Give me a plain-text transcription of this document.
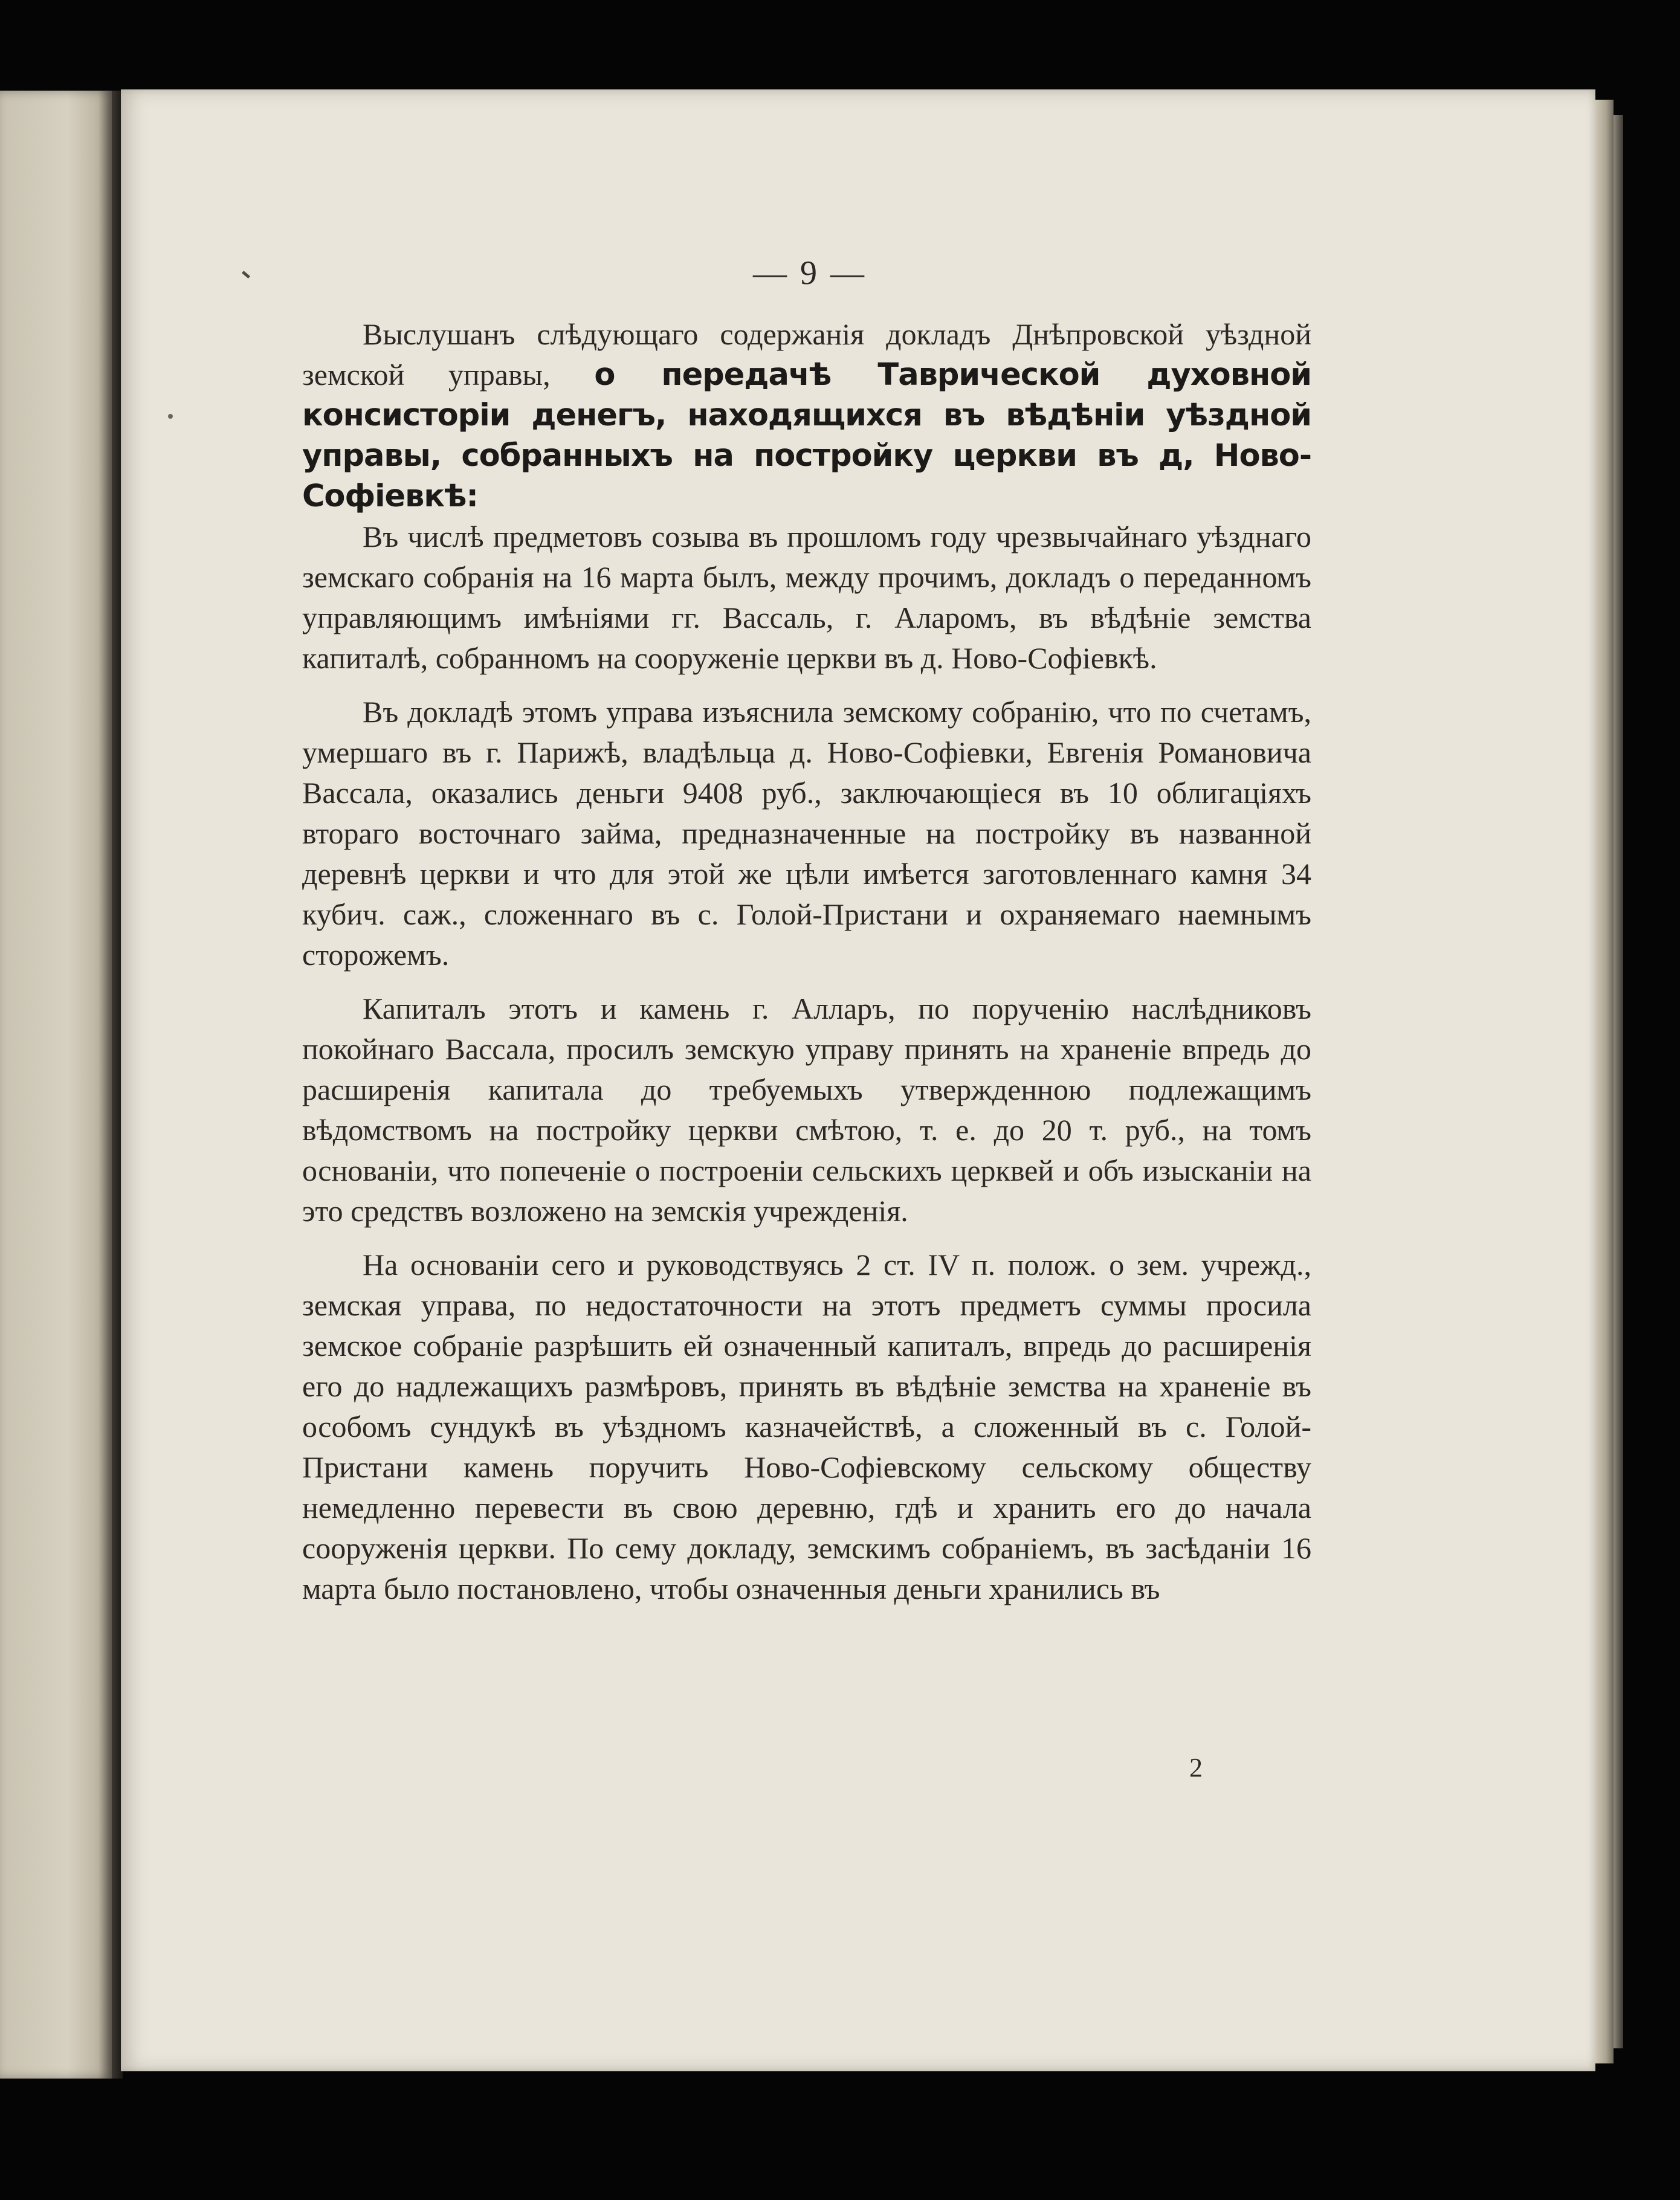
— 9 —

Выслушанъ слѣдующаго содержанія докладъ Днѣпровской уѣздной земской управы, о передачѣ Таврической духовной консисторіи денегъ, находящихся въ вѣдѣніи уѣздной управы, собранныхъ на постройку церкви въ д, Ново-Софіевкѣ:

Въ числѣ предметовъ созыва въ прошломъ году чрезвычайнаго уѣзднаго земскаго собранія на 16 марта былъ, между прочимъ, докладъ о переданномъ управляющимъ имѣніями гг. Вассаль, г. Аларомъ, въ вѣдѣніе земства капиталѣ, собранномъ на сооруженіе церкви въ д. Ново-Софіевкѣ.

Въ докладѣ этомъ управа изъяснила земскому собранію, что по счетамъ, умершаго въ г. Парижѣ, владѣльца д. Ново-Софіевки, Евгенія Романовича Вассала, оказались деньги 9408 руб., заключающіеся въ 10 облигаціяхъ втораго восточнаго займа, предназначенные на постройку въ названной деревнѣ церкви и что для этой же цѣли имѣется заготовленнаго камня 34 кубич. саж., сложеннаго въ с. Голой-Пристани и охраняемаго наемнымъ сторожемъ.

Капиталъ этотъ и камень г. Алларъ, по порученію наслѣдниковъ покойнаго Вассала, просилъ земскую управу принять на храненіе впредь до расширенія капитала до требуемыхъ утвержденною подлежащимъ вѣдомствомъ на постройку церкви смѣтою, т. е. до 20 т. руб., на томъ основаніи, что попеченіе о построеніи сельскихъ церквей и объ изысканіи на это средствъ возложено на земскія учрежденія.

На основаніи сего и руководствуясь 2 ст. IV п. полож. о зем. учрежд., земская управа, по недостаточности на этотъ предметъ суммы просила земское собраніе разрѣшить ей означенный капиталъ, впредь до расширенія его до надлежащихъ размѣровъ, принять въ вѣдѣніе земства на храненіе въ особомъ сундукѣ въ уѣздномъ казначействѣ, а сложенный въ с. Голой-Пристани камень поручить Ново-Софіевскому сельскому обществу немедленно перевести въ свою деревню, гдѣ и хранить его до начала сооруженія церкви. По сему докладу, земскимъ собраніемъ, въ засѣданіи 16 марта было постановлено, чтобы означенныя деньги хранились въ

2
